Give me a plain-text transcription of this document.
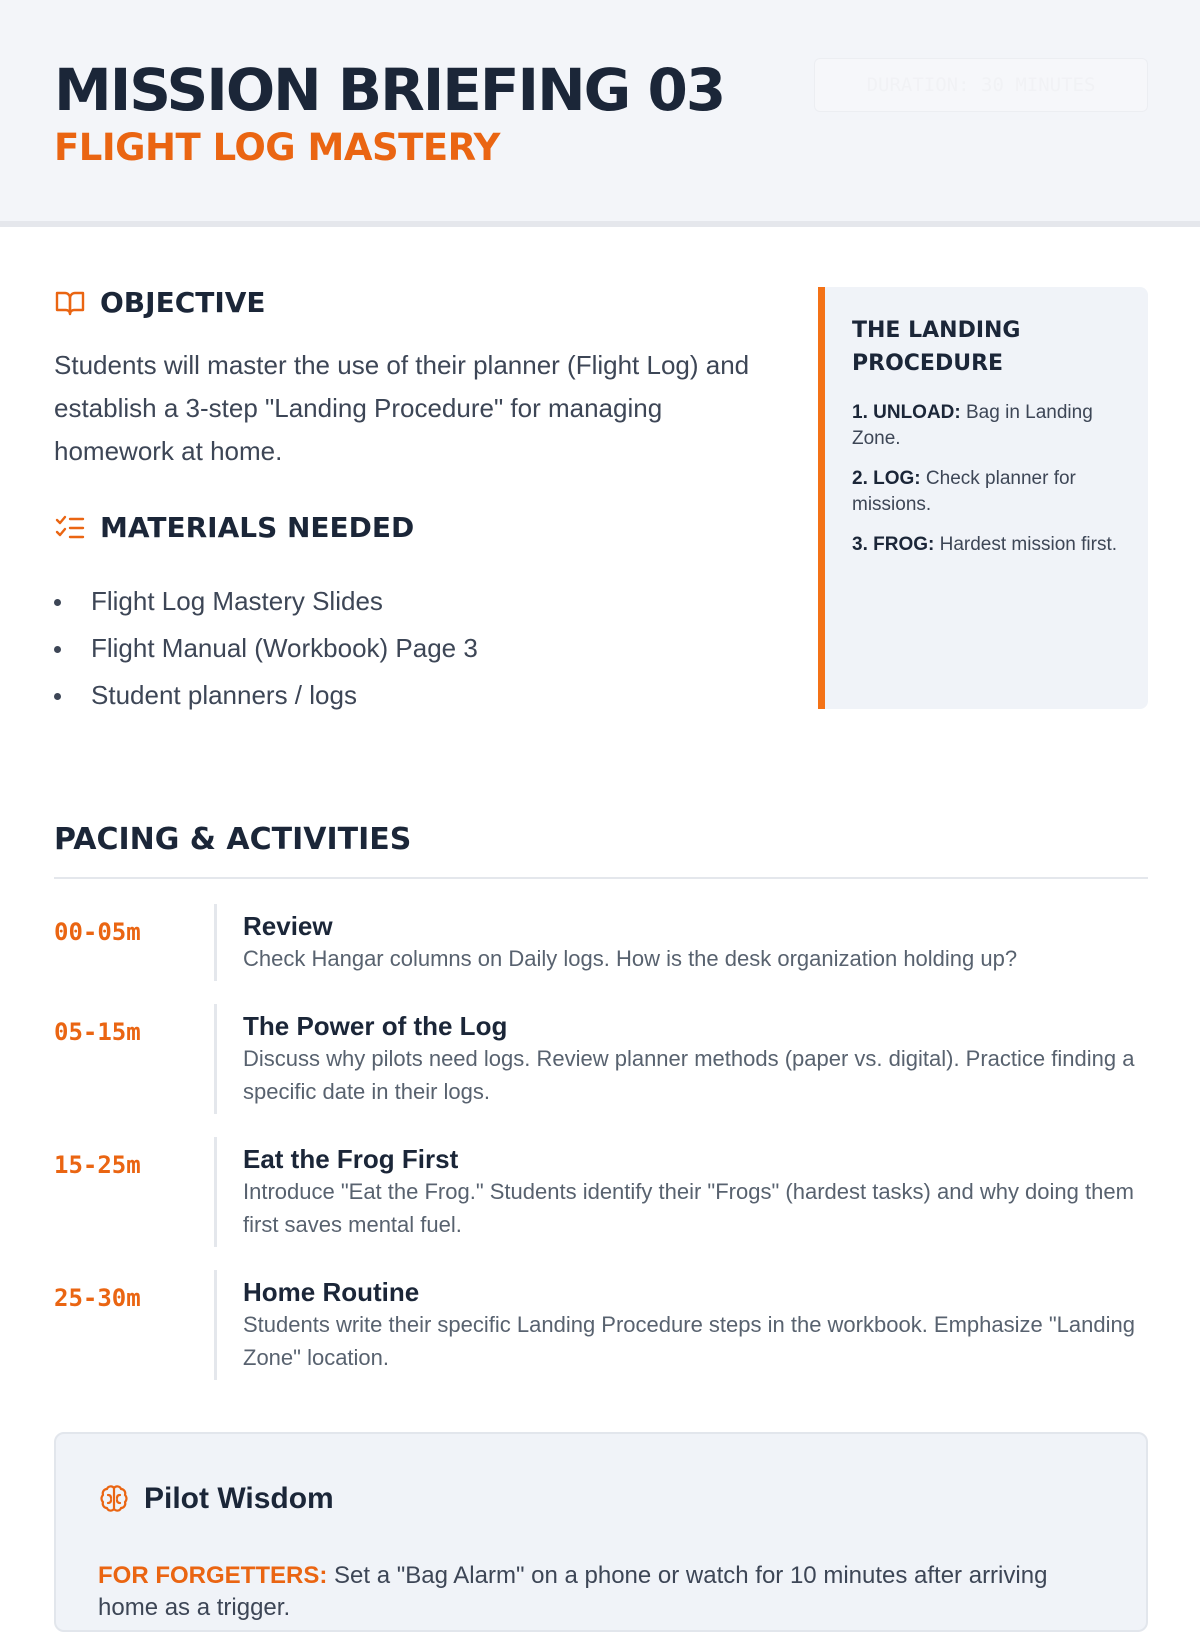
MISSION BRIEFING 03
FLIGHT LOG MASTERY
DURATION: 30 MINUTES
OBJECTIVE
Students will master the use of their planner (Flight Log) and establish a 3-step "Landing Procedure" for managing homework at home.
MATERIALS NEEDED
Flight Log Mastery Slides
Flight Manual (Workbook) Page 3
Student planners / logs
THE LANDING PROCEDURE
1. UNLOAD: Bag in Landing Zone.
2. LOG: Check planner for missions.
3. FROG: Hardest mission first.
PACING & ACTIVITIES
00-05m	Review
Check Hangar columns on Daily logs. How is the desk organization holding up?
05-15m	The Power of the Log
Discuss why pilots need logs. Review planner methods (paper vs. digital). Practice finding a specific date in their logs.
15-25m	Eat the Frog First
Introduce "Eat the Frog." Students identify their "Frogs" (hardest tasks) and why doing them first saves mental fuel.
25-30m	Home Routine
Students write their specific Landing Procedure steps in the workbook. Emphasize "Landing Zone" location.
Pilot Wisdom
FOR FORGETTERS: Set a "Bag Alarm" on a phone or watch for 10 minutes after arriving home as a trigger.
